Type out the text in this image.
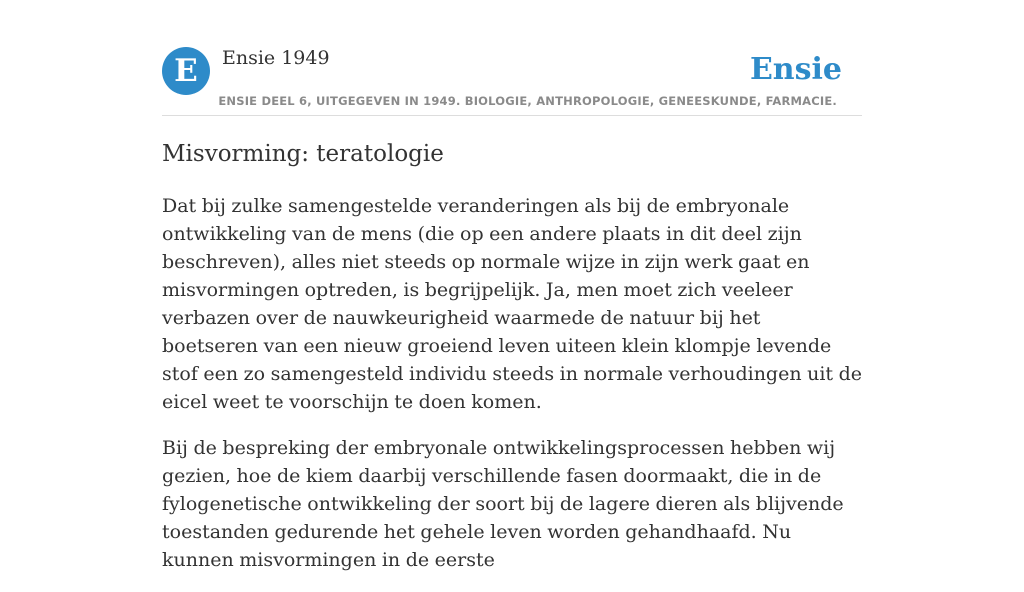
E	Ensie 1949	Ensie
ENSIE DEEL 6, UITGEGEVEN IN 1949. BIOLOGIE, ANTHROPOLOGIE, GENEESKUNDE, FARMACIE.
Misvorming: teratologie

Dat bij zulke samengestelde veranderingen als bij de embryonale ontwikkeling van de mens (die op een andere plaats in dit deel zijn beschreven), alles niet steeds op normale wijze in zijn werk gaat en misvormingen optreden, is begrijpelijk. Ja, men moet zich veeleer verbazen over de nauwkeurigheid waarmede de natuur bij het boetseren van een nieuw groeiend leven uiteen klein klompje levende stof een zo samengesteld individu steeds in normale verhoudingen uit de eicel weet te voorschijn te doen komen.

Bij de bespreking der embryonale ontwikkelingsprocessen hebben wij gezien, hoe de kiem daarbij verschillende fasen doormaakt, die in de fylogenetische ontwikkeling der soort bij de lagere dieren als blijvende toestanden gedurende het gehele leven worden gehandhaafd. Nu kunnen misvormingen in de eerste
